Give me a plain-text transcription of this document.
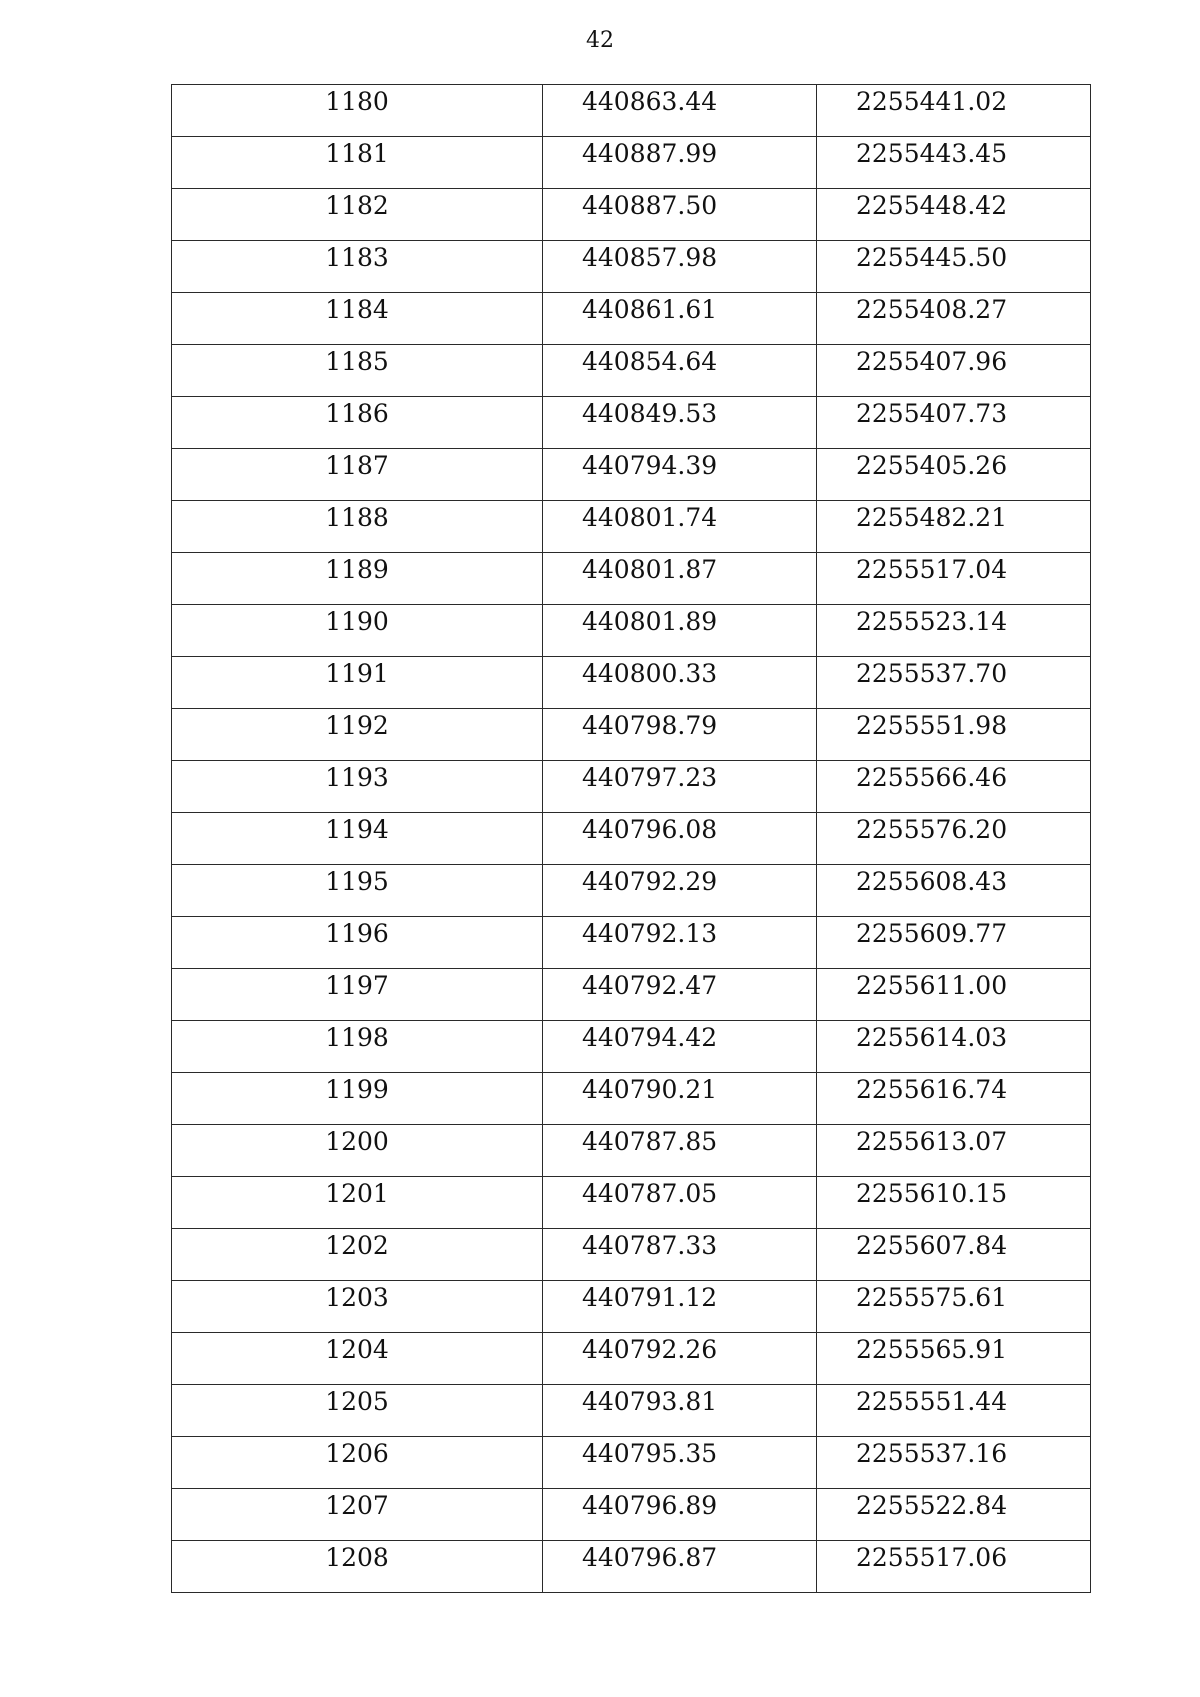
42
1180	440863.44	2255441.02
1181	440887.99	2255443.45
1182	440887.50	2255448.42
1183	440857.98	2255445.50
1184	440861.61	2255408.27
1185	440854.64	2255407.96
1186	440849.53	2255407.73
1187	440794.39	2255405.26
1188	440801.74	2255482.21
1189	440801.87	2255517.04
1190	440801.89	2255523.14
1191	440800.33	2255537.70
1192	440798.79	2255551.98
1193	440797.23	2255566.46
1194	440796.08	2255576.20
1195	440792.29	2255608.43
1196	440792.13	2255609.77
1197	440792.47	2255611.00
1198	440794.42	2255614.03
1199	440790.21	2255616.74
1200	440787.85	2255613.07
1201	440787.05	2255610.15
1202	440787.33	2255607.84
1203	440791.12	2255575.61
1204	440792.26	2255565.91
1205	440793.81	2255551.44
1206	440795.35	2255537.16
1207	440796.89	2255522.84
1208	440796.87	2255517.06
